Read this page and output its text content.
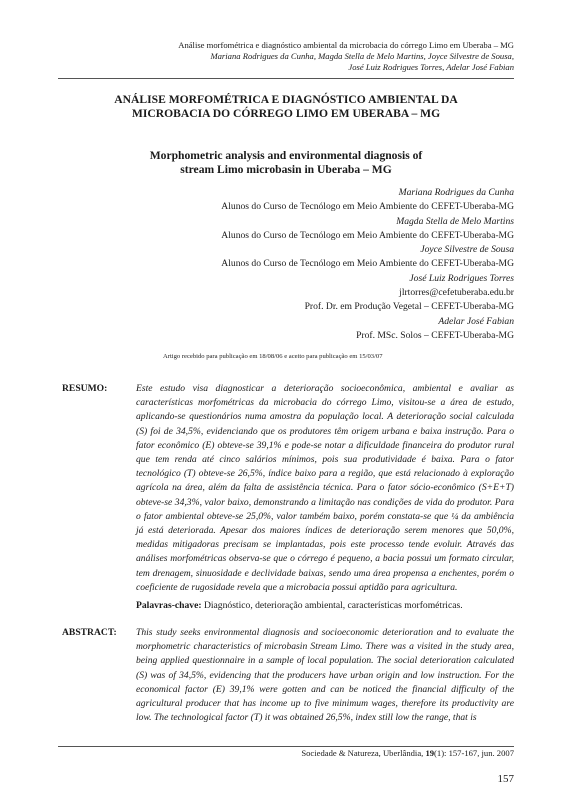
Análise morfométrica e diagnóstico ambiental da microbacia do córrego Limo em Uberaba – MG
Mariana Rodrigues da Cunha, Magda Stella de Melo Martins, Joyce Silvestre de Sousa,
José Luiz Rodrigues Torres, Adelar José Fabian
ANÁLISE MORFOMÉTRICA E DIAGNÓSTICO AMBIENTAL DA
MICROBACIA DO CÓRREGO LIMO EM UBERABA – MG
Morphometric analysis and environmental diagnosis of
stream Limo microbasin in Uberaba – MG
Mariana Rodrigues da Cunha
Alunos do Curso de Tecnólogo em Meio Ambiente do CEFET-Uberaba-MG
Magda Stella de Melo Martins
Alunos do Curso de Tecnólogo em Meio Ambiente do CEFET-Uberaba-MG
Joyce Silvestre de Sousa
Alunos do Curso de Tecnólogo em Meio Ambiente do CEFET-Uberaba-MG
José Luiz Rodrigues Torres
jlrtorres@cefetuberaba.edu.br
Prof. Dr. em Produção Vegetal – CEFET-Uberaba-MG
Adelar José Fabian
Prof. MSc. Solos – CEFET-Uberaba-MG
Artigo recebido para publicação em 18/08/06 e aceito para publicação em 15/03/07
RESUMO:	Este estudo visa diagnosticar a deterioração socioeconômica, ambiental e avaliar as características morfométricas da microbacia do córrego Limo, visitou-se a área de estudo, aplicando-se questionários numa amostra da população local. A deterioração social calculada (S) foi de 34,5%, evidenciando que os produtores têm origem urbana e baixa instrução. Para o fator econômico (E) obteve-se 39,1% e pode-se notar a dificuldade financeira do produtor rural que tem renda até cinco salários mínimos, pois sua produtividade é baixa. Para o fator tecnológico (T) obteve-se 26,5%, índice baixo para a região, que está relacionado à exploração agrícola na área, além da falta de assistência técnica. Para o fator sócio-econômico (S+E+T) obteve-se 34,3%, valor baixo, demonstrando a limitação nas condições de vida do produtor. Para o fator ambiental obteve-se 25,0%, valor também baixo, porém constata-se que ¼ da ambiência já está deteriorada. Apesar dos maiores índices de deterioração serem menores que 50,0%, medidas mitigadoras precisam se implantadas, pois este processo tende evoluir. Através das análises morfométricas observa-se que o córrego é pequeno, a bacia possui um formato circular, tem drenagem, sinuosidade e declividade baixas, sendo uma área propensa a enchentes, porém o coeficiente de rugosidade revela que a microbacia possui aptidão para agricultura.
Palavras-chave: Diagnóstico, deterioração ambiental, características morfométricas.
ABSTRACT: This study seeks environmental diagnosis and socioeconomic deterioration and to evaluate the morphometric characteristics of microbasin Stream Limo. There was a visited in the study area, being applied questionnaire in a sample of local population. The social deterioration calculated (S) was of 34,5%, evidencing that the producers have urban origin and low instruction. For the economical factor (E) 39,1% were gotten and can be noticed the financial difficulty of the agricultural producer that has income up to five minimum wages, therefore its productivity are low. The technological factor (T) it was obtained 26,5%, index still low the range, that is
Sociedade & Natureza, Uberlândia, 19(1): 157-167, jun. 2007
157
